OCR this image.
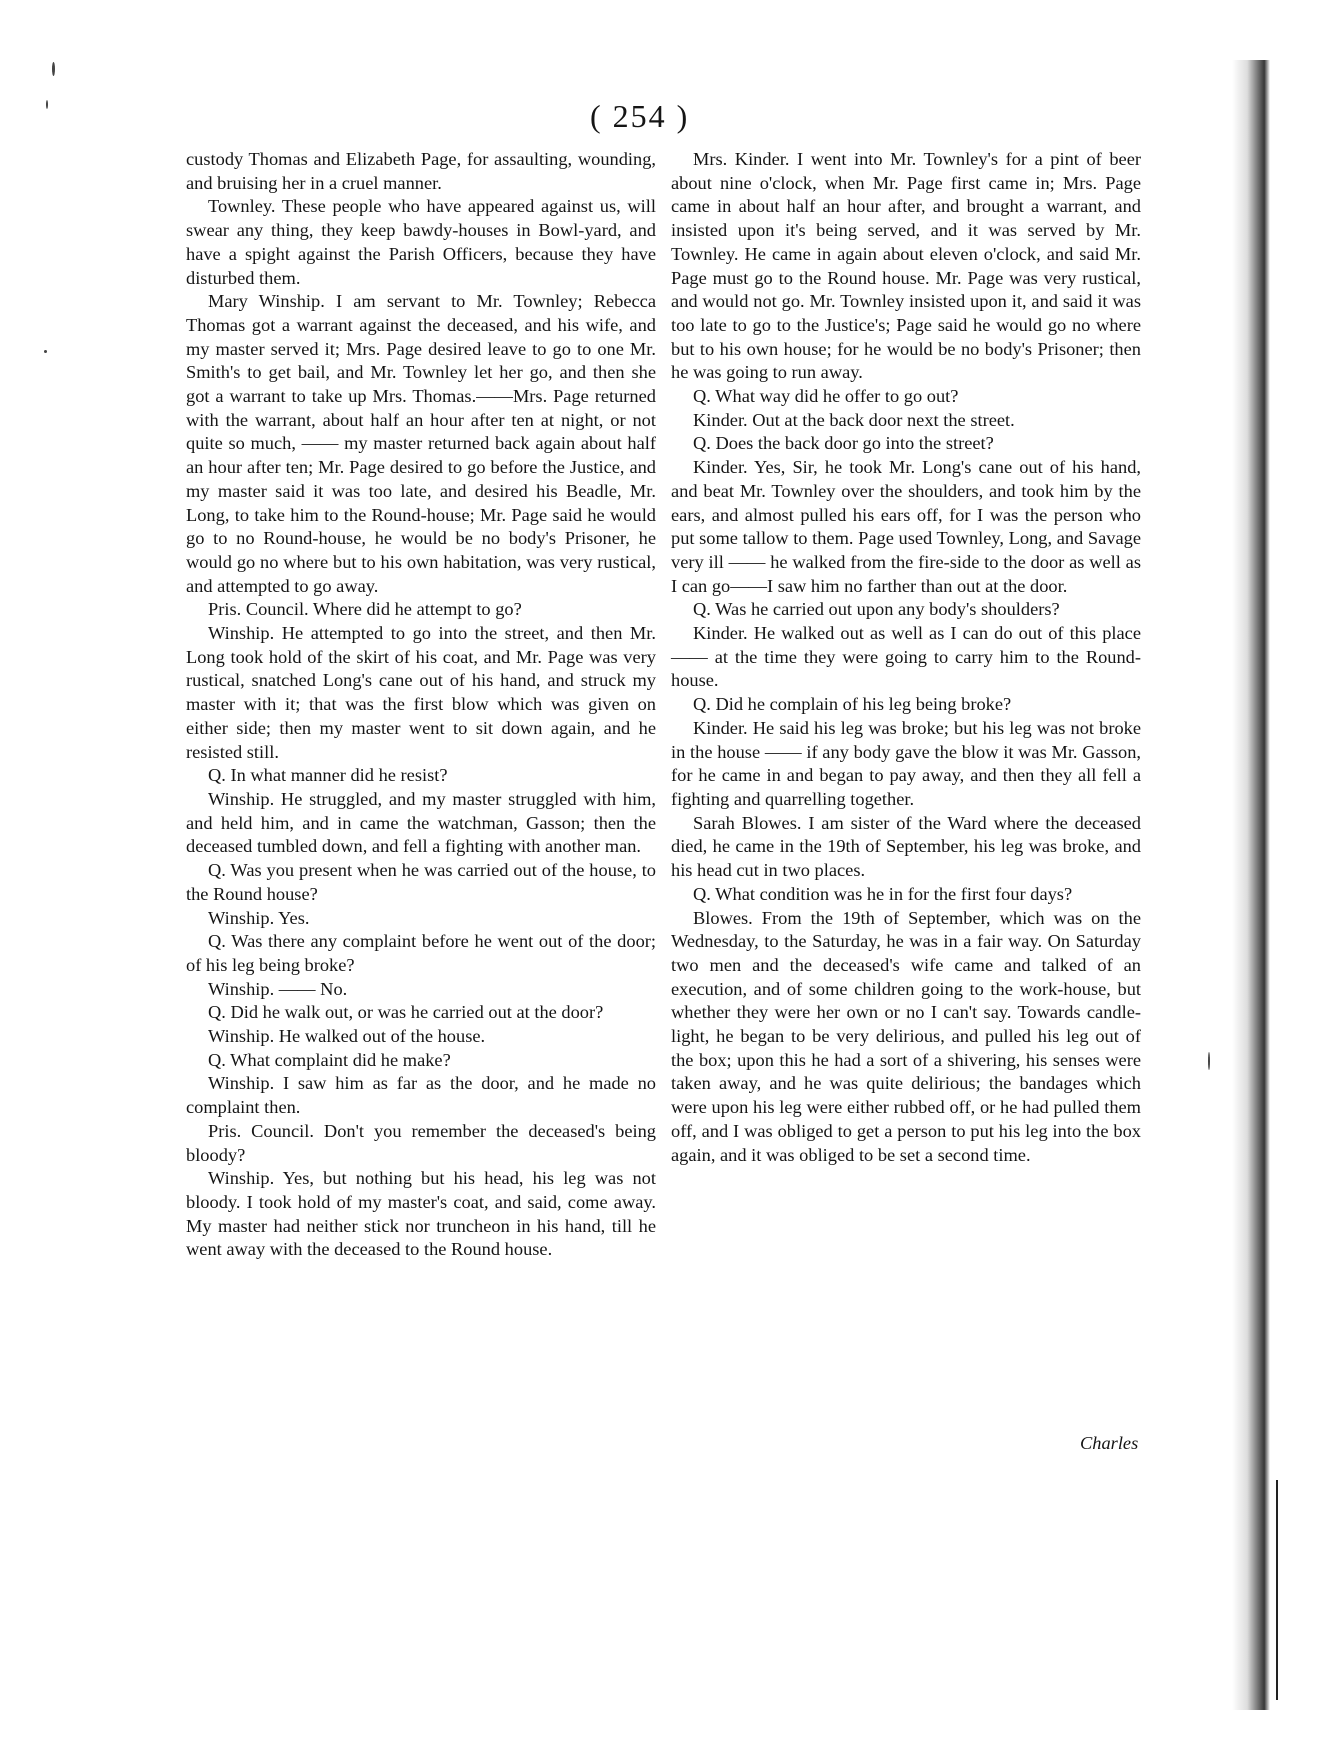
( 254 )

custody Thomas and Elizabeth Page, for assaulting, wounding, and bruising her in a cruel manner.

Townley. These people who have appeared against us, will swear any thing, they keep bawdy-houses in Bowl-yard, and have a spight against the Parish Officers, because they have disturbed them.

Mary Winship. I am servant to Mr. Townley; Rebecca Thomas got a warrant against the deceased, and his wife, and my master served it; Mrs. Page desired leave to go to one Mr. Smith's to get bail, and Mr. Townley let her go, and then she got a warrant to take up Mrs. Thomas.——Mrs. Page returned with the warrant, about half an hour after ten at night, or not quite so much, —— my master returned back again about half an hour after ten; Mr. Page desired to go before the Justice, and my master said it was too late, and desired his Beadle, Mr. Long, to take him to the Round-house; Mr. Page said he would go to no Round-house, he would be no body's Prisoner, he would go no where but to his own habitation, was very rustical, and attempted to go away.

Pris. Council. Where did he attempt to go?

Winship. He attempted to go into the street, and then Mr. Long took hold of the skirt of his coat, and Mr. Page was very rustical, snatched Long's cane out of his hand, and struck my master with it; that was the first blow which was given on either side; then my master went to sit down again, and he resisted still.

Q. In what manner did he resist?

Winship. He struggled, and my master struggled with him, and held him, and in came the watchman, Gasson; then the deceased tumbled down, and fell a fighting with another man.

Q. Was you present when he was carried out of the house, to the Round house?

Winship. Yes.

Q. Was there any complaint before he went out of the door; of his leg being broke?

Winship. —— No.

Q. Did he walk out, or was he carried out at the door?

Winship. He walked out of the house.

Q. What complaint did he make?

Winship. I saw him as far as the door, and he made no complaint then.

Pris. Council. Don't you remember the deceased's being bloody?

Winship. Yes, but nothing but his head, his leg was not bloody. I took hold of my master's coat, and said, come away. My master had neither stick nor truncheon in his hand, till he went away with the deceased to the Round house.

Mrs. Kinder. I went into Mr. Townley's for a pint of beer about nine o'clock, when Mr. Page first came in; Mrs. Page came in about half an hour after, and brought a warrant, and insisted upon it's being served, and it was served by Mr. Townley. He came in again about eleven o'clock, and said Mr. Page must go to the Round house. Mr. Page was very rustical, and would not go. Mr. Townley insisted upon it, and said it was too late to go to the Justice's; Page said he would go no where but to his own house; for he would be no body's Prisoner; then he was going to run away.

Q. What way did he offer to go out?

Kinder. Out at the back door next the street.

Q. Does the back door go into the street?

Kinder. Yes, Sir, he took Mr. Long's cane out of his hand, and beat Mr. Townley over the shoulders, and took him by the ears, and almost pulled his ears off, for I was the person who put some tallow to them. Page used Townley, Long, and Savage very ill —— he walked from the fire-side to the door as well as I can go——I saw him no farther than out at the door.

Q. Was he carried out upon any body's shoulders?

Kinder. He walked out as well as I can do out of this place —— at the time they were going to carry him to the Round-house.

Q. Did he complain of his leg being broke?

Kinder. He said his leg was broke; but his leg was not broke in the house —— if any body gave the blow it was Mr. Gasson, for he came in and began to pay away, and then they all fell a fighting and quarrelling together.

Sarah Blowes. I am sister of the Ward where the deceased died, he came in the 19th of September, his leg was broke, and his head cut in two places.

Q. What condition was he in for the first four days?

Blowes. From the 19th of September, which was on the Wednesday, to the Saturday, he was in a fair way. On Saturday two men and the deceased's wife came and talked of an execution, and of some children going to the work-house, but whether they were her own or no I can't say. Towards candle-light, he began to be very delirious, and pulled his leg out of the box; upon this he had a sort of a shivering, his senses were taken away, and he was quite delirious; the bandages which were upon his leg were either rubbed off, or he had pulled them off, and I was obliged to get a person to put his leg into the box again, and it was obliged to be set a second time.

Charles
